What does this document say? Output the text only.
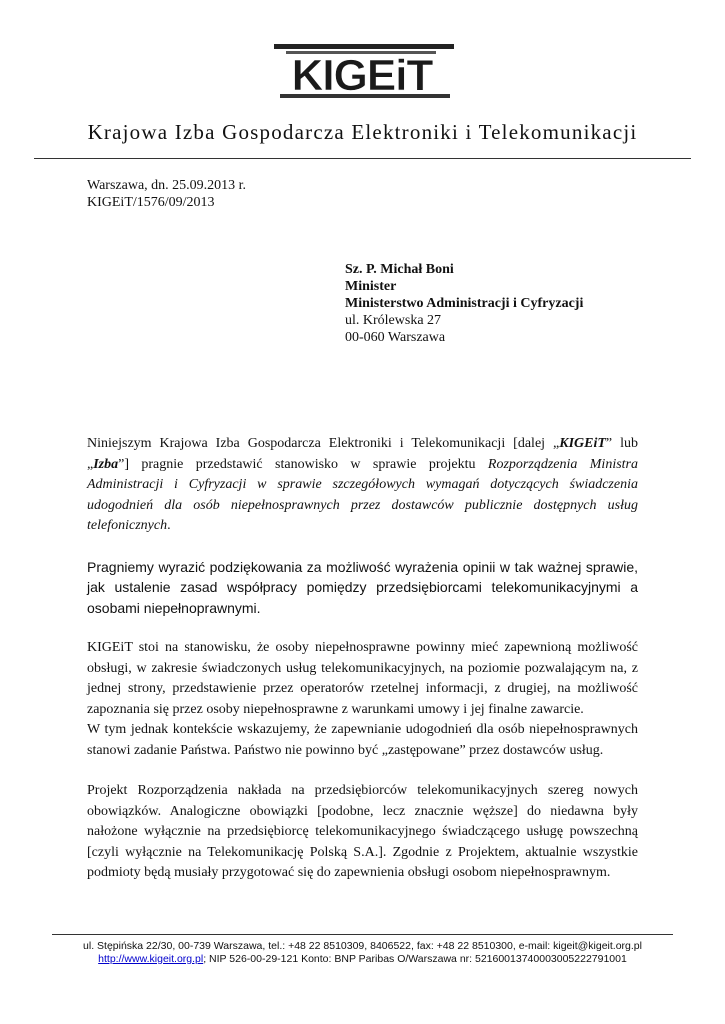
KIGEiT
Krajowa Izba Gospodarcza Elektroniki i Telekomunikacji
Warszawa, dn. 25.09.2013 r.
KIGEiT/1576/09/2013
Sz. P. Michał Boni
Minister
Ministerstwo Administracji i Cyfryzacji
ul. Królewska 27
00-060 Warszawa

Niniejszym Krajowa Izba Gospodarcza Elektroniki i Telekomunikacji [dalej „KIGEiT” lub „Izba”] pragnie przedstawić stanowisko w sprawie projektu Rozporządzenia Ministra Administracji i Cyfryzacji w sprawie szczegółowych wymagań dotyczących świadczenia udogodnień dla osób niepełnosprawnych przez dostawców publicznie dostępnych usług telefonicznych.

Pragniemy wyrazić podziękowania za możliwość wyrażenia opinii w tak ważnej sprawie, jak ustalenie zasad współpracy pomiędzy przedsiębiorcami telekomunikacyjnymi a osobami niepełnoprawnymi.

KIGEiT stoi na stanowisku, że osoby niepełnosprawne powinny mieć zapewnioną możliwość obsługi, w zakresie świadczonych usług telekomunikacyjnych, na poziomie pozwalającym na, z jednej strony, przedstawienie przez operatorów rzetelnej informacji, z drugiej, na możliwość zapoznania się przez osoby niepełnosprawne z warunkami umowy i jej finalne zawarcie.

W tym jednak kontekście wskazujemy, że zapewnianie udogodnień dla osób niepełnosprawnych stanowi zadanie Państwa. Państwo nie powinno być „zastępowane” przez dostawców usług.

Projekt Rozporządzenia nakłada na przedsiębiorców telekomunikacyjnych szereg nowych obowiązków. Analogiczne obowiązki [podobne, lecz znacznie węższe] do niedawna były nałożone wyłącznie na przedsiębiorcę telekomunikacyjnego świadczącego usługę powszechną [czyli wyłącznie na Telekomunikację Polską S.A.]. Zgodnie z Projektem, aktualnie wszystkie podmioty będą musiały przygotować się do zapewnienia obsługi osobom niepełnosprawnym.

ul. Stępińska 22/30, 00-739 Warszawa, tel.: +48 22 8510309, 8406522, fax: +48 22 8510300, e-mail: kigeit@kigeit.org.pl
http://www.kigeit.org.pl; NIP 526-00-29-121 Konto: BNP Paribas O/Warszawa nr: 52160013740003005222791001
